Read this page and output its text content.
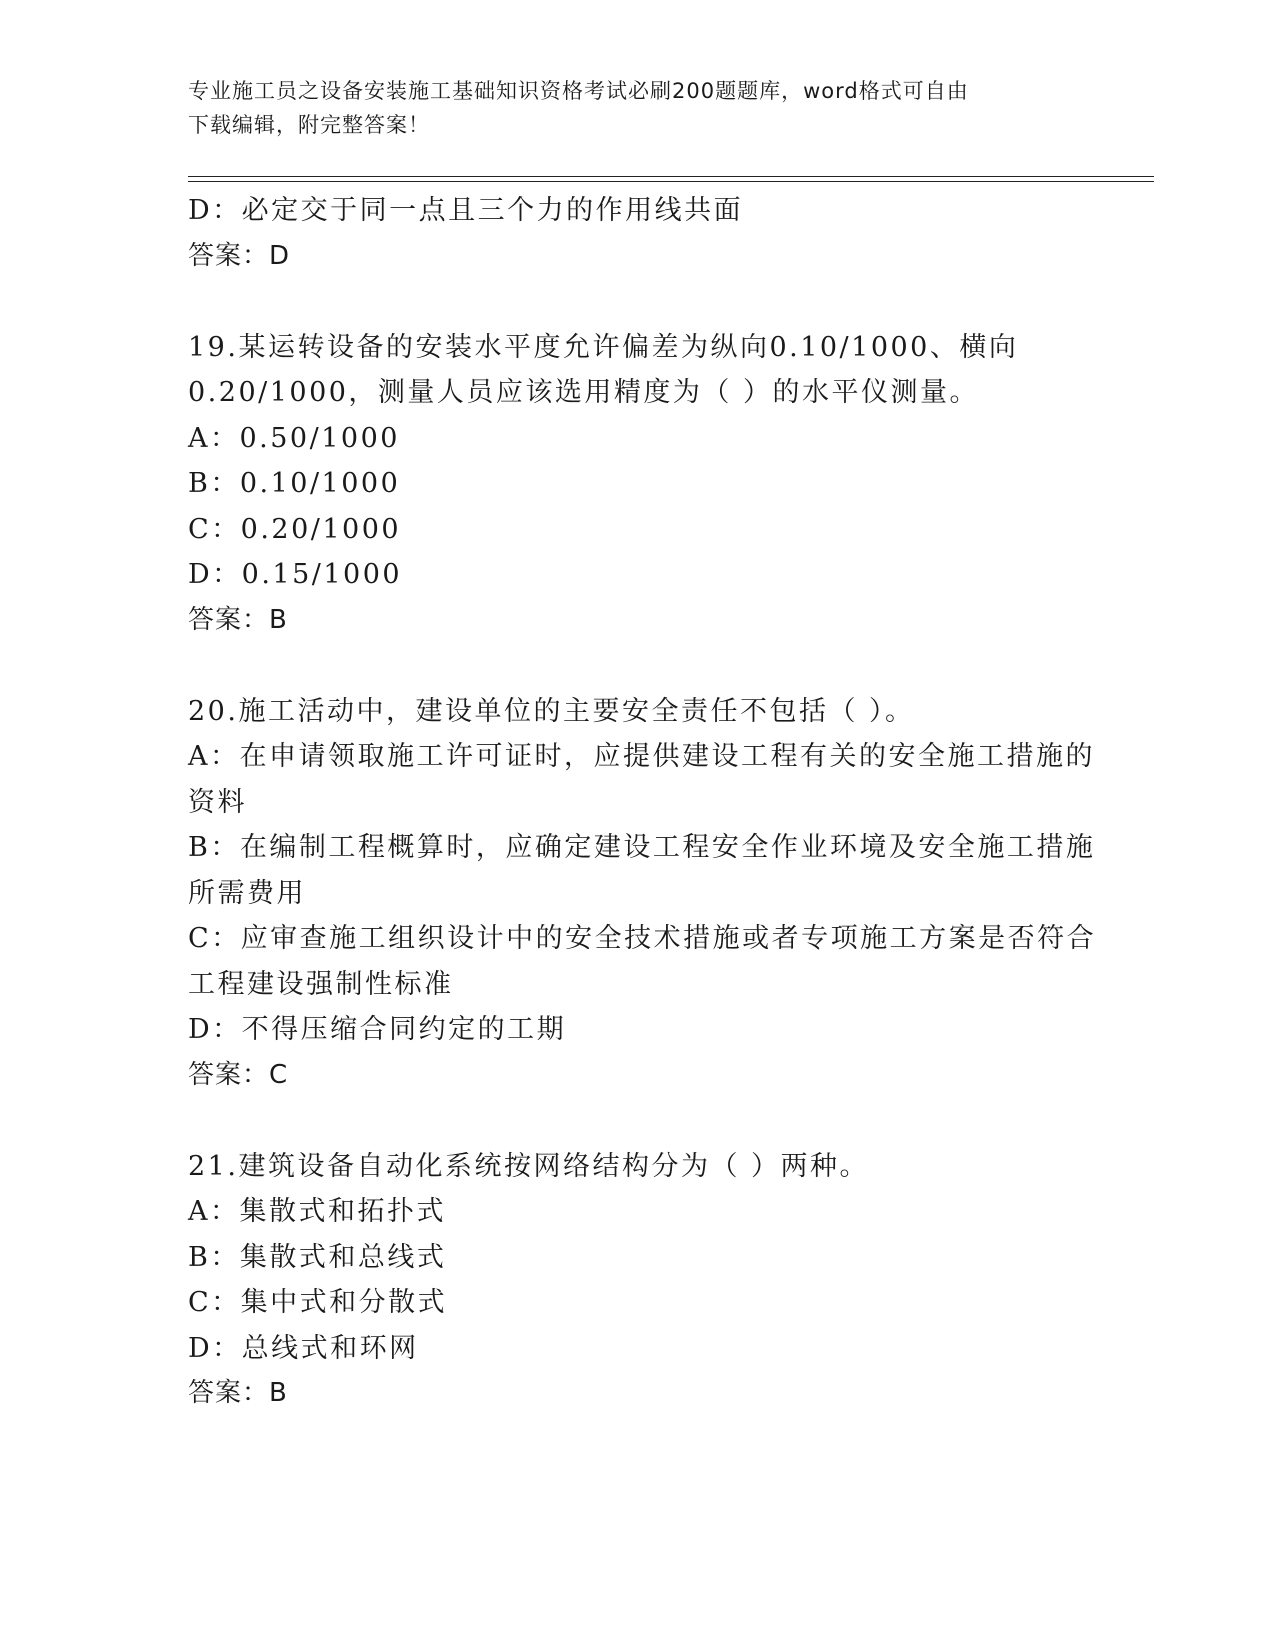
专业施工员之设备安装施工基础知识资格考试必刷200题题库，word格式可自由
下载编辑，附完整答案！
D：必定交于同一点且三个力的作用线共面
答案：D
19.某运转设备的安装水平度允许偏差为纵向0.10/1000、横向
0.20/1000，测量人员应该选用精度为（ ）的水平仪测量。
A：0.50/1000
B：0.10/1000
C：0.20/1000
D：0.15/1000
答案：B
20.施工活动中，建设单位的主要安全责任不包括（ ）。
A：在申请领取施工许可证时，应提供建设工程有关的安全施工措施的
资料
B：在编制工程概算时，应确定建设工程安全作业环境及安全施工措施
所需费用
C：应审查施工组织设计中的安全技术措施或者专项施工方案是否符合
工程建设强制性标准
D：不得压缩合同约定的工期
答案：C
21.建筑设备自动化系统按网络结构分为（ ）两种。
A：集散式和拓扑式
B：集散式和总线式
C：集中式和分散式
D：总线式和环网
答案：B
